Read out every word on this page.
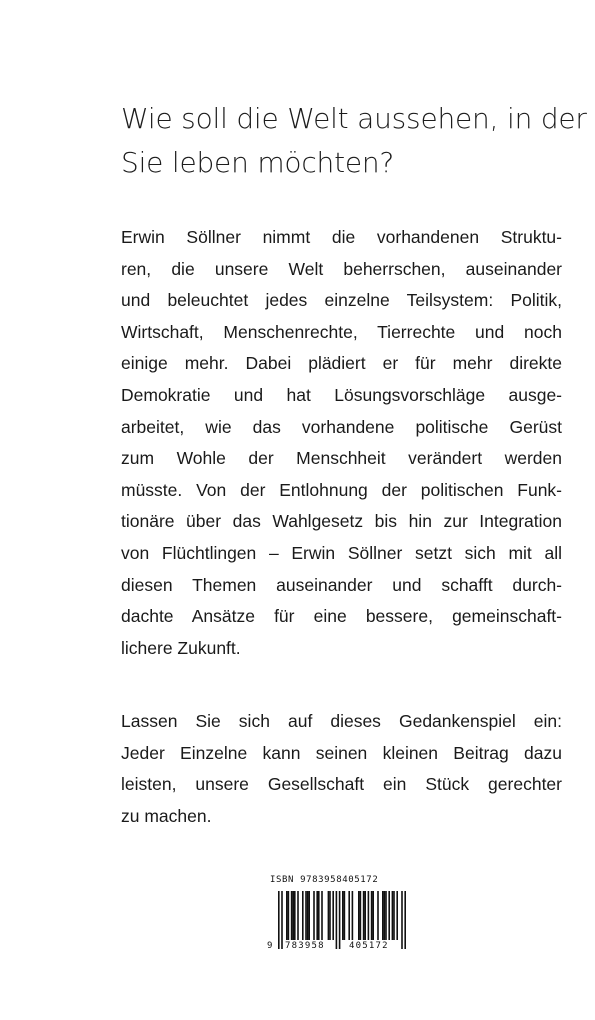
Wie soll die Welt aussehen, in der
Sie leben möchten?

Erwin Söllner nimmt die vorhandenen Struktu-
ren, die unsere Welt beherrschen, auseinander
und beleuchtet jedes einzelne Teilsystem: Politik,
Wirtschaft, Menschenrechte, Tierrechte und noch
einige mehr. Dabei plädiert er für mehr direkte
Demokratie und hat Lösungsvorschläge ausge-
arbeitet, wie das vorhandene politische Gerüst
zum Wohle der Menschheit verändert werden
müsste. Von der Entlohnung der politischen Funk-
tionäre über das Wahlgesetz bis hin zur Integration
von Flüchtlingen – Erwin Söllner setzt sich mit all
diesen Themen auseinander und schafft durch-
dachte Ansätze für eine bessere, gemeinschaft-
lichere Zukunft.

Lassen Sie sich auf dieses Gedankenspiel ein:
Jeder Einzelne kann seinen kleinen Beitrag dazu
leisten, unsere Gesellschaft ein Stück gerechter
zu machen.

ISBN 9783958405172
9 783958	405172
